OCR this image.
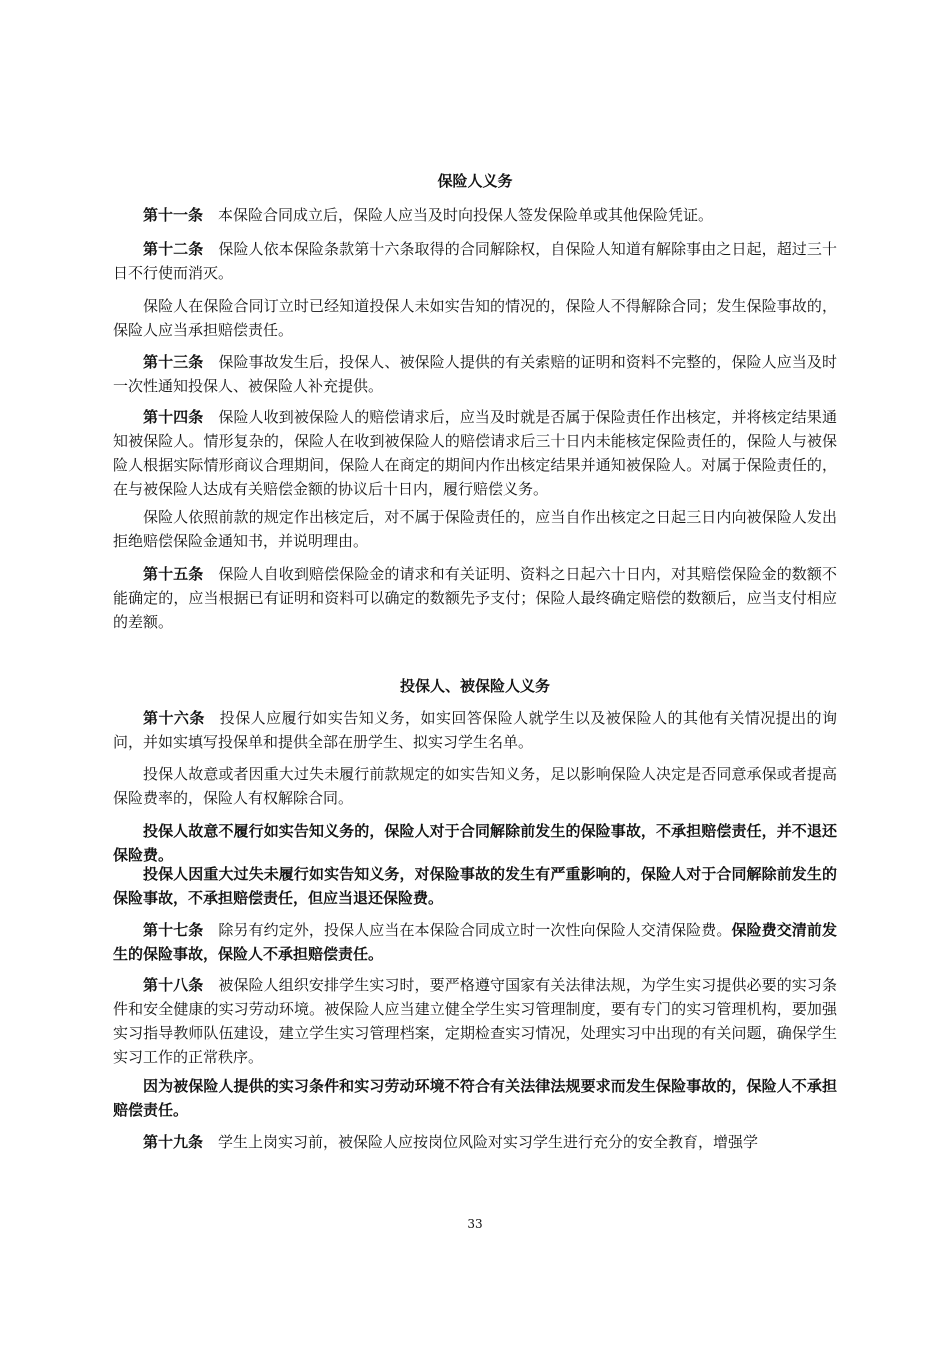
保险人义务

第十一条 本保险合同成立后，保险人应当及时向投保人签发保险单或其他保险凭证。

第十二条 保险人依本保险条款第十六条取得的合同解除权，自保险人知道有解除事由之日起，超过三十日不行使而消灭。

保险人在保险合同订立时已经知道投保人未如实告知的情况的，保险人不得解除合同；发生保险事故的，保险人应当承担赔偿责任。

第十三条 保险事故发生后，投保人、被保险人提供的有关索赔的证明和资料不完整的，保险人应当及时一次性通知投保人、被保险人补充提供。

第十四条 保险人收到被保险人的赔偿请求后，应当及时就是否属于保险责任作出核定，并将核定结果通知被保险人。情形复杂的，保险人在收到被保险人的赔偿请求后三十日内未能核定保险责任的，保险人与被保险人根据实际情形商议合理期间，保险人在商定的期间内作出核定结果并通知被保险人。对属于保险责任的，在与被保险人达成有关赔偿金额的协议后十日内，履行赔偿义务。

保险人依照前款的规定作出核定后，对不属于保险责任的，应当自作出核定之日起三日内向被保险人发出拒绝赔偿保险金通知书，并说明理由。

第十五条 保险人自收到赔偿保险金的请求和有关证明、资料之日起六十日内，对其赔偿保险金的数额不能确定的，应当根据已有证明和资料可以确定的数额先予支付；保险人最终确定赔偿的数额后，应当支付相应的差额。

投保人、被保险人义务

第十六条 投保人应履行如实告知义务，如实回答保险人就学生以及被保险人的其他有关情况提出的询问，并如实填写投保单和提供全部在册学生、拟实习学生名单。

投保人故意或者因重大过失未履行前款规定的如实告知义务，足以影响保险人决定是否同意承保或者提高保险费率的，保险人有权解除合同。

投保人故意不履行如实告知义务的，保险人对于合同解除前发生的保险事故，不承担赔偿责任，并不退还保险费。

投保人因重大过失未履行如实告知义务，对保险事故的发生有严重影响的，保险人对于合同解除前发生的保险事故，不承担赔偿责任，但应当退还保险费。

第十七条 除另有约定外，投保人应当在本保险合同成立时一次性向保险人交清保险费。保险费交清前发生的保险事故，保险人不承担赔偿责任。

第十八条 被保险人组织安排学生实习时，要严格遵守国家有关法律法规，为学生实习提供必要的实习条件和安全健康的实习劳动环境。被保险人应当建立健全学生实习管理制度，要有专门的实习管理机构，要加强实习指导教师队伍建设，建立学生实习管理档案，定期检查实习情况，处理实习中出现的有关问题，确保学生实习工作的正常秩序。

因为被保险人提供的实习条件和实习劳动环境不符合有关法律法规要求而发生保险事故的，保险人不承担赔偿责任。

第十九条 学生上岗实习前，被保险人应按岗位风险对实习学生进行充分的安全教育，增强学

33
